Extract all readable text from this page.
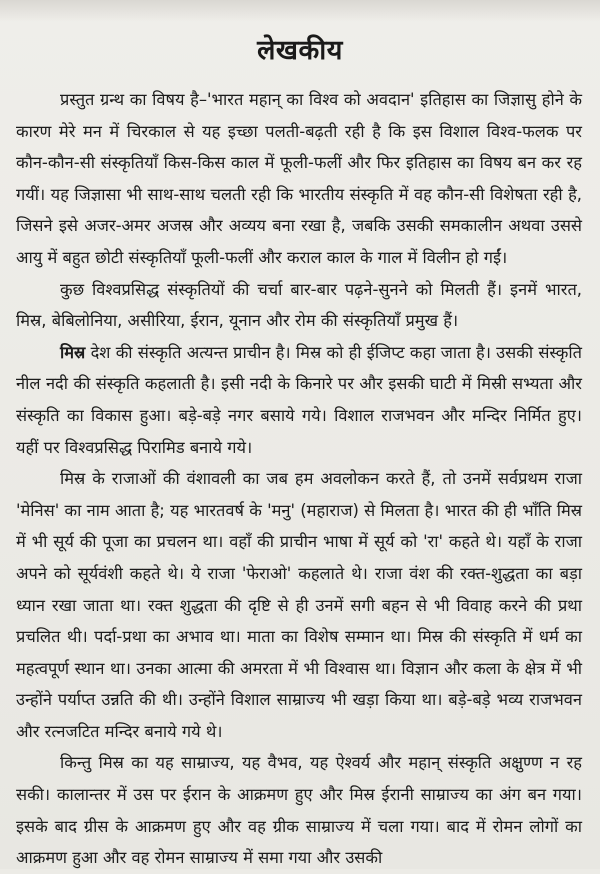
लेखकीय

प्रस्तुत ग्रन्थ का विषय है–'भारत महान् का विश्व को अवदान' इतिहास का जिज्ञासु होने के कारण मेरे मन में चिरकाल से यह इच्छा पलती-बढ़ती रही है कि इस विशाल विश्व-फलक पर कौन-कौन-सी संस्कृतियाँ किस-किस काल में फूली-फलीं और फिर इतिहास का विषय बन कर रह गयीं। यह जिज्ञासा भी साथ-साथ चलती रही कि भारतीय संस्कृति में वह कौन-सी विशेषता रही है, जिसने इसे अजर-अमर अजस्र और अव्यय बना रखा है, जबकि उसकी समकालीन अथवा उससे आयु में बहुत छोटी संस्कृतियाँ फूली-फलीं और कराल काल के गाल में विलीन हो गईं।

कुछ विश्वप्रसिद्ध संस्कृतियों की चर्चा बार-बार पढ़ने-सुनने को मिलती हैं। इनमें भारत, मिस्र, बेबिलोनिया, असीरिया, ईरान, यूनान और रोम की संस्कृतियाँ प्रमुख हैं।

मिस्र देश की संस्कृति अत्यन्त प्राचीन है। मिस्र को ही ईजिप्ट कहा जाता है। उसकी संस्कृति नील नदी की संस्कृति कहलाती है। इसी नदी के किनारे पर और इसकी घाटी में मिस्री सभ्यता और संस्कृति का विकास हुआ। बड़े-बड़े नगर बसाये गये। विशाल राजभवन और मन्दिर निर्मित हुए। यहीं पर विश्वप्रसिद्ध पिरामिड बनाये गये।

मिस्र के राजाओं की वंशावली का जब हम अवलोकन करते हैं, तो उनमें सर्वप्रथम राजा 'मेनिस' का नाम आता है; यह भारतवर्ष के 'मनु' (महाराज) से मिलता है। भारत की ही भाँति मिस्र में भी सूर्य की पूजा का प्रचलन था। वहाँ की प्राचीन भाषा में सूर्य को 'रा' कहते थे। यहाँ के राजा अपने को सूर्यवंशी कहते थे। ये राजा 'फेराओ' कहलाते थे। राजा वंश की रक्त-शुद्धता का बड़ा ध्यान रखा जाता था। रक्त शुद्धता की दृष्टि से ही उनमें सगी बहन से भी विवाह करने की प्रथा प्रचलित थी। पर्दा-प्रथा का अभाव था। माता का विशेष सम्मान था। मिस्र की संस्कृति में धर्म का महत्वपूर्ण स्थान था। उनका आत्मा की अमरता में भी विश्वास था। विज्ञान और कला के क्षेत्र में भी उन्होंने पर्याप्त उन्नति की थी। उन्होंने विशाल साम्राज्य भी खड़ा किया था। बड़े-बड़े भव्य राजभवन और रत्नजटित मन्दिर बनाये गये थे।

किन्तु मिस्र का यह साम्राज्य, यह वैभव, यह ऐश्वर्य और महान् संस्कृति अक्षुण्ण न रह सकी। कालान्तर में उस पर ईरान के आक्रमण हुए और मिस्र ईरानी साम्राज्य का अंग बन गया। इसके बाद ग्रीस के आक्रमण हुए और वह ग्रीक साम्राज्य में चला गया। बाद में रोमन लोगों का आक्रमण हुआ और वह रोमन साम्राज्य में समा गया और उसकी
